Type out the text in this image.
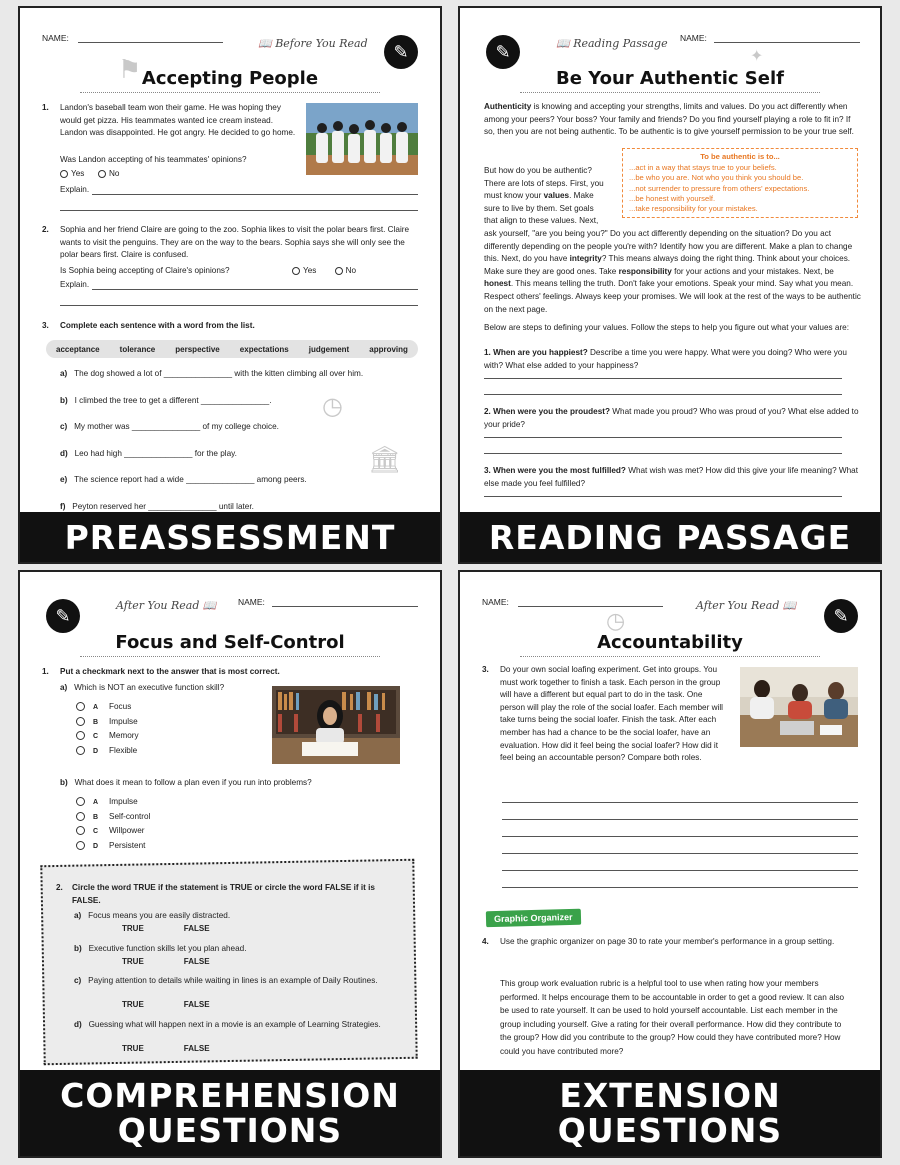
NAME:	📖 Before You Read	✎
⚑ Accepting People
1. Landon's baseball team won their game. He was hoping they would get pizza. His teammates wanted ice cream instead. Landon was disappointed. He got angry. He decided to go home.
Was Landon accepting of his teammates' opinions?
Yes	No
Explain.
2. Sophia and her friend Claire are going to the zoo. Sophia likes to visit the polar bears first. Claire wants to visit the penguins. They are on the way to the bears. Sophia says she will only see the polar bears first. Claire is confused.
Is Sophia being accepting of Claire's opinions?	Yes	No
Explain.
3. Complete each sentence with a word from the list.
acceptance	tolerance	perspective	expectations	judgement	approving
a) The dog showed a lot of _______________ with the kitten climbing all over him.
b) I climbed the tree to get a different _______________.
c) My mother was _______________ of my college choice.
d) Leo had high _______________ for the play.
e) The science report had a wide _______________ among peers.
f) Peyton reserved her _______________ until later.
◷
🏛
PREASSESSMENT
✎	📖 Reading Passage NAME:
✦
Be Your Authentic Self
Authenticity is knowing and accepting your strengths, limits and values. Do you act differently when among your peers? Your boss? Your family and friends? Do you find yourself playing a role to fit in? If so, then you are not being authentic. To be authentic is to give yourself permission to be your true self.
But how do you be authentic? There are lots of steps. First, you must know your values. Make sure to live by them. Set goals that align to these values. Next,
To be authentic is to...
...act in a way that stays true to your beliefs.
...be who you are. Not who you think you should be.
...not surrender to pressure from others' expectations.
...be honest with yourself.
...take responsibility for your mistakes.
ask yourself, "are you being you?" Do you act differently depending on the situation? Do you act differently depending on the people you're with? Identify how you are different. Make a plan to change this. Next, do you have integrity? This means always doing the right thing. Think about your choices. Make sure they are good ones. Take responsibility for your actions and your mistakes. Next, be honest. This means telling the truth. Don't fake your emotions. Speak your mind. Say what you mean. Respect others' feelings. Always keep your promises. We will look at the rest of the ways to be authentic on the next page.
Below are steps to defining your values. Follow the steps to help you figure out what your values are:
1. When are you happiest? Describe a time you were happy. What were you doing? Who were you with? What else added to your happiness?
2. When were you the proudest? What made you proud? Who was proud of you? What else added to your pride?
3. When were you the most fulfilled? What wish was met? How did this give your life meaning? What else made you feel fulfilled?
READING PASSAGE
✎	After You Read 📖	NAME:
Focus and Self-Control
1. Put a checkmark next to the answer that is most correct.
a) Which is NOT an executive function skill?
A Focus
B Impulse
C Memory
D Flexible
b) What does it mean to follow a plan even if you run into problems?
A Impulse
B Self-control
C Willpower
D Persistent
2. Circle the word TRUE if the statement is TRUE or circle the word FALSE if it is FALSE.
a) Focus means you are easily distracted.
TRUE	FALSE
b) Executive function skills let you plan ahead.
TRUE	FALSE
c) Paying attention to details while waiting in lines is an example of Daily Routines.
TRUE	FALSE
d) Guessing what will happen next in a movie is an example of Learning Strategies.
TRUE	FALSE
COMPREHENSION
QUESTIONS
NAME:	After You Read 📖	✎
◷
Accountability
3. Do your own social loafing experiment. Get into groups. You must work together to finish a task. Each person in the group will have a different but equal part to do in the task. One person will play the role of the social loafer. Each member will take turns being the social loafer. Finish the task. After each member has had a chance to be the social loafer, have an evaluation. How did it feel being the social loafer? How did it feel being an accountable person? Compare both roles.
Graphic Organizer
4. Use the graphic organizer on page 30 to rate your member's performance in a group setting.
This group work evaluation rubric is a helpful tool to use when rating how your members performed. It helps encourage them to be accountable in order to get a good review. It can also be used to rate yourself. It can be used to hold yourself accountable. List each member in the group including yourself. Give a rating for their overall performance. How did they contribute to the group? How did you contribute to the group? How could they have contributed more? How could you have contributed more?
EXTENSION
QUESTIONS
